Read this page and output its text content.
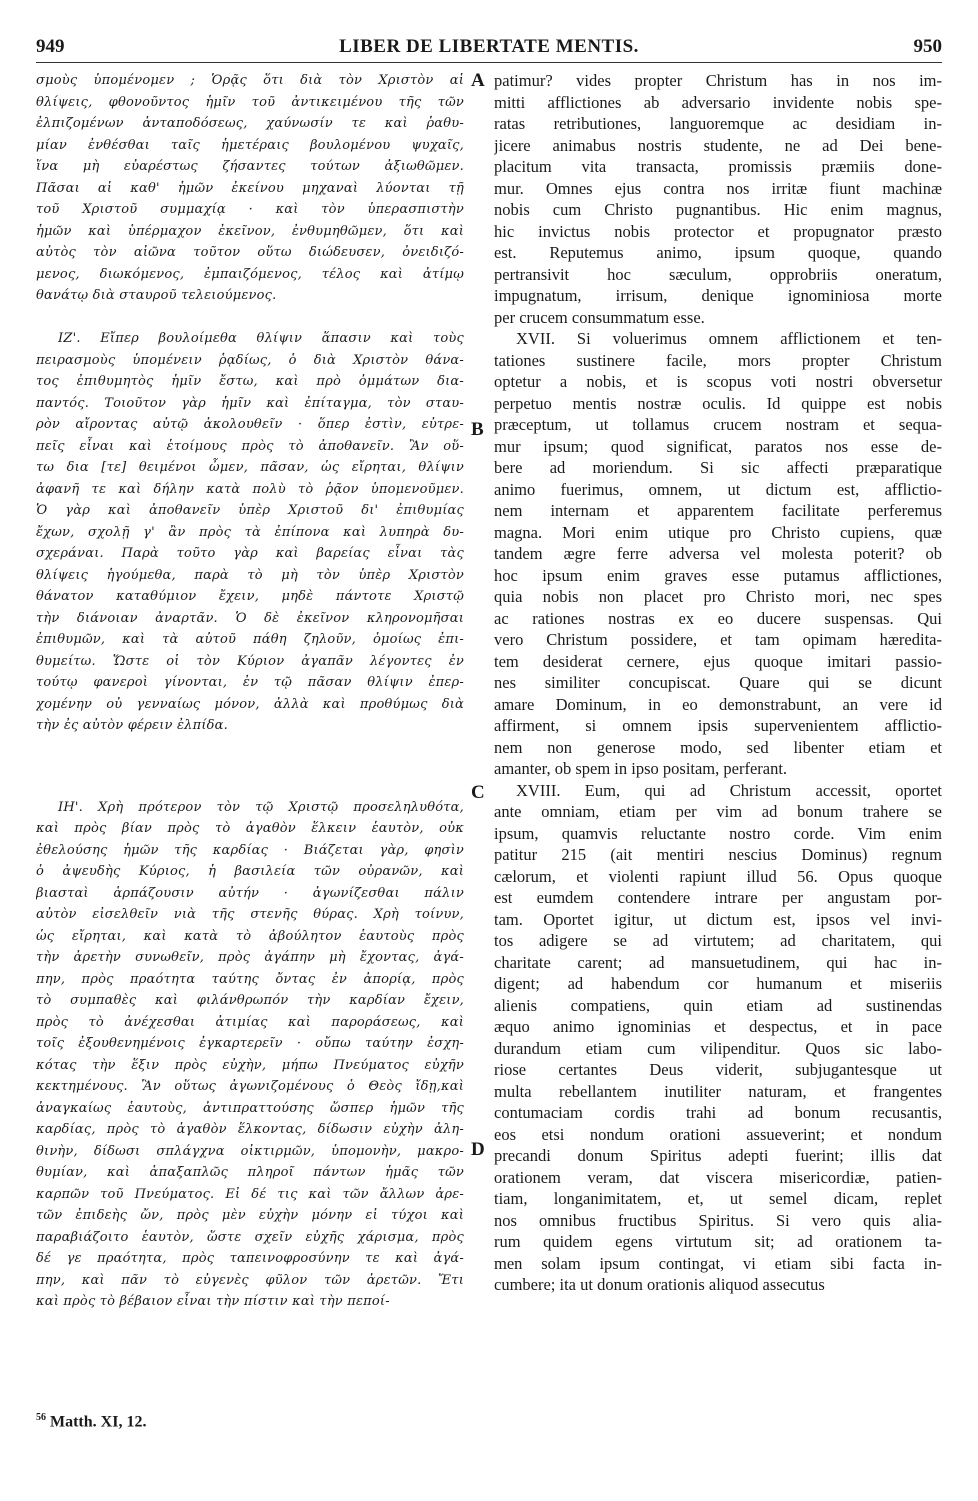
949	LIBER DE LIBERTATE MENTIS.	950
σμοὺς ὑπομένομεν ; Ὁρᾷς ὅτι διὰ τὸν Χριστὸν αἱ
θλίψεις, φθονοῦντος ἡμῖν τοῦ ἀντικειμένου τῆς τῶν
ἐλπιζομένων ἀνταποδόσεως, χαύνωσίν τε καὶ ῥαθυ-
μίαν ἐνθέσθαι ταῖς ἡμετέραις βουλομένου ψυχαῖς,
ἵνα μὴ εὐαρέστως ζήσαντες τούτων ἀξιωθῶμεν.
Πᾶσαι αἱ καθ' ἡμῶν ἐκείνου μηχαναὶ λύονται τῇ
τοῦ Χριστοῦ συμμαχίᾳ · καὶ τὸν ὑπερασπιστὴν
ἡμῶν καὶ ὑπέρμαχον ἐκεῖνον, ἐνθυμηθῶμεν, ὅτι καὶ
αὐτὸς τὸν αἰῶνα τοῦτον οὕτω διώδευσεν, ὀνειδιζό-
μενος, διωκόμενος, ἐμπαιζόμενος, τέλος καὶ ἀτίμῳ
θανάτῳ διὰ σταυροῦ τελειούμενος.
ΙΖ'. Εἴπερ βουλοίμεθα θλίψιν ἅπασιν καὶ τοὺς
πειρασμοὺς ὑπομένειν ῥᾳδίως, ὁ διὰ Χριστὸν θάνα-
τος ἐπιθυμητὸς ἡμῖν ἔστω, καὶ πρὸ ὀμμάτων δια-
παντός. Τοιοῦτον γὰρ ἡμῖν καὶ ἐπίταγμα, τὸν σταυ-
ρὸν αἴροντας αὐτῷ ἀκολουθεῖν · ὅπερ ἐστὶν, εὐτρε-
πεῖς εἶναι καὶ ἑτοίμους πρὸς τὸ ἀποθανεῖν. Ἂν οὕ-
τω δια [τε] θειμένοι ὦμεν, πᾶσαν, ὡς εἴρηται, θλίψιν
ἀφανῆ τε καὶ δήλην κατὰ πολὺ τὸ ῥᾷον ὑπομενοῦμεν.
Ὁ γὰρ καὶ ἀποθανεῖν ὑπὲρ Χριστοῦ δι' ἐπιθυμίας
ἔχων, σχολῇ γ' ἂν πρὸς τὰ ἐπίπονα καὶ λυπηρὰ δυ-
σχεράναι. Παρὰ τοῦτο γὰρ καὶ βαρείας εἶναι τὰς
θλίψεις ἡγούμεθα, παρὰ τὸ μὴ τὸν ὑπὲρ Χριστὸν
θάνατον καταθύμιον ἔχειν, μηδὲ πάντοτε Χριστῷ
τὴν διάνοιαν ἀναρτᾶν. Ὁ δὲ ἐκεῖνον κληρονομῆσαι
ἐπιθυμῶν, καὶ τὰ αὐτοῦ πάθη ζηλοῦν, ὁμοίως ἐπι-
θυμείτω. Ὥστε οἱ τὸν Κύριον ἀγαπᾶν λέγοντες ἐν
τούτῳ φανεροὶ γίνονται, ἐν τῷ πᾶσαν θλίψιν ἐπερ-
χομένην οὐ γενναίως μόνον, ἀλλὰ καὶ προθύμως διὰ
τὴν ἐς αὐτὸν φέρειν ἐλπίδα.
ΙΗ'. Χρὴ πρότερον τὸν τῷ Χριστῷ προσεληλυθότα,
καὶ πρὸς βίαν πρὸς τὸ ἀγαθὸν ἕλκειν ἑαυτὸν, οὐκ
ἐθελούσης ἡμῶν τῆς καρδίας · Βιάζεται γὰρ, φησὶν
ὁ ἀψευδὴς Κύριος, ἡ βασιλεία τῶν οὐρανῶν, καὶ
βιασταὶ ἁρπάζουσιν αὐτήν · ἀγωνίζεσθαι πάλιν
αὐτὸν εἰσελθεῖν νιὰ τῆς στενῆς θύρας. Χρὴ τοίνυν,
ὡς εἴρηται, καὶ κατὰ τὸ ἀβούλητον ἑαυτοὺς πρὸς
τὴν ἀρετὴν συνωθεῖν, πρὸς ἀγάπην μὴ ἔχοντας, ἀγά-
πην, πρὸς πραότητα ταύτης ὄντας ἐν ἀπορίᾳ, πρὸς
τὸ συμπαθὲς καὶ φιλάνθρωπόν τὴν καρδίαν ἔχειν,
πρὸς τὸ ἀνέχεσθαι ἀτιμίας καὶ παροράσεως, καὶ
τοῖς ἐξουθενημένοις ἐγκαρτερεῖν · οὔπω ταύτην ἐσχη-
κότας τὴν ἕξιν πρὸς εὐχὴν, μήπω Πνεύματος εὐχῆν
κεκτημένους. Ἂν οὕτως ἀγωνιζομένους ὁ Θεὸς ἴδῃ,καὶ
ἀναγκαίως ἑαυτοὺς, ἀντιπραττούσης ὥσπερ ἡμῶν τῆς
καρδίας, πρὸς τὸ ἀγαθὸν ἕλκοντας, δίδωσιν εὐχὴν ἀλη-
θινὴν, δίδωσι σπλάγχνα οἰκτιρμῶν, ὑπομονὴν, μακρο-
θυμίαν, καὶ ἁπαξαπλῶς πληροῖ πάντων ἡμᾶς τῶν
καρπῶν τοῦ Πνεύματος. Εἰ δέ τις καὶ τῶν ἄλλων ἀρε-
τῶν ἐπιδεὴς ὤν, πρὸς μὲν εὐχὴν μόνην εἰ τύχοι καὶ
παραβιάζοιτο ἑαυτὸν, ὥστε σχεῖν εὐχῆς χάρισμα, πρὸς
δέ γε πραότητα, πρὸς ταπεινοφροσύνην τε καὶ ἀγά-
πην, καὶ πᾶν τὸ εὐγενὲς φῦλον τῶν ἀρετῶν. Ἔτι
καὶ πρὸς τὸ βέβαιον εἶναι τὴν πίστιν καὶ τὴν πεποί-
patimur? vides propter Christum has in nos im-
mitti afflictiones ab adversario invidente nobis spe-
ratas retributiones, languoremque ac desidiam in-
jicere animabus nostris studente, ne ad Dei bene-
placitum vita transacta, promissis præmiis done-
mur. Omnes ejus contra nos irritæ fiunt machinæ
nobis cum Christo pugnantibus. Hic enim magnus,
hic invictus nobis protector et propugnator præsto
est. Reputemus animo, ipsum quoque, quando
pertransivit hoc sæculum, opprobriis oneratum,
impugnatum, irrisum, denique ignominiosa morte
per crucem consummatum esse.
XVII. Si voluerimus omnem afflictionem et ten-
tationes sustinere facile, mors propter Christum
optetur a nobis, et is scopus voti nostri obversetur
perpetuo mentis nostræ oculis. Id quippe est nobis
præceptum, ut tollamus crucem nostram et sequa-
mur ipsum; quod significat, paratos nos esse de-
bere ad moriendum. Si sic affecti præparatique
animo fuerimus, omnem, ut dictum est, afflictio-
nem internam et apparentem facilitate perferemus
magna. Mori enim utique pro Christo cupiens, quæ
tandem ægre ferre adversa vel molesta poterit? ob
hoc ipsum enim graves esse putamus afflictiones,
quia nobis non placet pro Christo mori, nec spes
ac rationes nostras ex eo ducere suspensas. Qui
vero Christum possidere, et tam opimam hæredita-
tem desiderat cernere, ejus quoque imitari passio-
nes similiter concupiscat. Quare qui se dicunt
amare Dominum, in eo demonstrabunt, an vere id
affirment, si omnem ipsis supervenientem afflictio-
nem non generose modo, sed libenter etiam et
amanter, ob spem in ipso positam, perferant.
XVIII. Eum, qui ad Christum accessit, oportet
ante omniam, etiam per vim ad bonum trahere se
ipsum, quamvis reluctante nostro corde. Vim enim
patitur 215 (ait mentiri nescius Dominus) regnum
cælorum, et violenti rapiunt illud 56. Opus quoque
est eumdem contendere intrare per angustam por-
tam. Oportet igitur, ut dictum est, ipsos vel invi-
tos adigere se ad virtutem; ad charitatem, qui
charitate carent; ad mansuetudinem, qui hac in-
digent; ad habendum cor humanum et miseriis
alienis compatiens, quin etiam ad sustinendas
æquo animo ignominias et despectus, et in pace
durandum etiam cum vilipenditur. Quos sic labo-
riose certantes Deus viderit, subjugantesque ut
multa rebellantem inutiliter naturam, et frangentes
contumaciam cordis trahi ad bonum recusantis,
eos etsi nondum orationi assueverint; et nondum
precandi donum Spiritus adepti fuerint; illis dat
orationem veram, dat viscera misericordiæ, patien-
tiam, longanimitatem, et, ut semel dicam, replet
nos omnibus fructibus Spiritus. Si vero quis alia-
rum quidem egens virtutum sit; ad orationem ta-
men solam ipsum contingat, vi etiam sibi facta in-
cumbere; ita ut donum orationis aliquod assecutus
A
B
C
D
$^{56}$ Matth. XI, 12.
